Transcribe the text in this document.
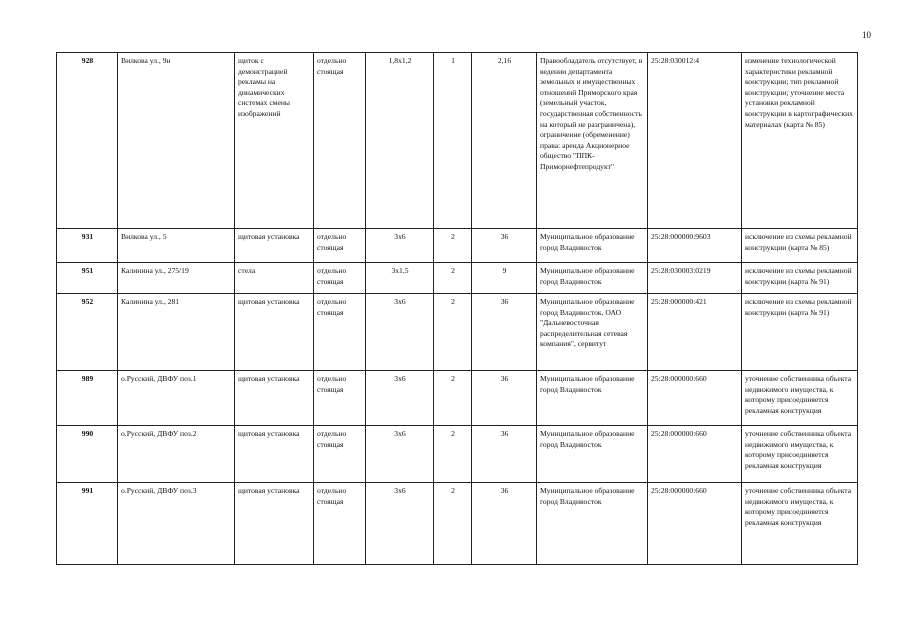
10
928	Вилкова ул., 9н	щиток с демонстрацией рекламы на динамических системах смены изображений	отдельно стоящая	1,8х1,2	1	2,16	Правообладатель отсутствует, в ведении департамента земельных и имущественных отношений Приморского края (земельный участок, государственная собственность на который не разграничена), ограничение (обременение) права: аренда Акционерное общество "ППК-Приморнефтепродукт"	25:28:030012:4	изменение технологической характеристики рекламной конструкции; тип рекламной конструкции; уточнение места установки рекламной конструкции в картографических материалах (карта № 85)
931	Вилкова ул., 5	щитовая установка	отдельно стоящая	3х6	2	36	Муниципальное образование город Владивосток	25:28:000000:9603	исключение из схемы рекламной конструкции (карта № 85)
951	Калинина ул., 275/19	стела	отдельно стоящая	3х1,5	2	9	Муниципальное образование город Владивосток	25:28:030003:0219	исключение из схемы рекламной конструкции (карта № 91)
952	Калинина ул., 281	щитовая установка	отдельно стоящая	3х6	2	36	Муниципальное образование город Владивосток, ОАО "Дальневосточная распределительная сетевая компания", сервитут	25:28:000000:421	исключение из схемы рекламной конструкции (карта № 91)
989	о.Русский, ДВФУ поз.1	щитовая установка	отдельно стоящая	3х6	2	36	Муниципальное образование город Владивосток	25:28:000000:660	уточнение собственника объекта недвижимого имущества, к которому присоединяется рекламная конструкция
990	о.Русский, ДВФУ поз.2	щитовая установка	отдельно стоящая	3х6	2	36	Муниципальное образование город Владивосток	25:28:000000:660	уточнение собственника объекта недвижимого имущества, к которому присоединяется рекламная конструкция
991	о.Русский, ДВФУ поз.3	щитовая установка	отдельно стоящая	3х6	2	36	Муниципальное образование город Владивосток	25:28:000000:660	уточнение собственника объекта недвижимого имущества, к которому присоединяется рекламная конструкция
